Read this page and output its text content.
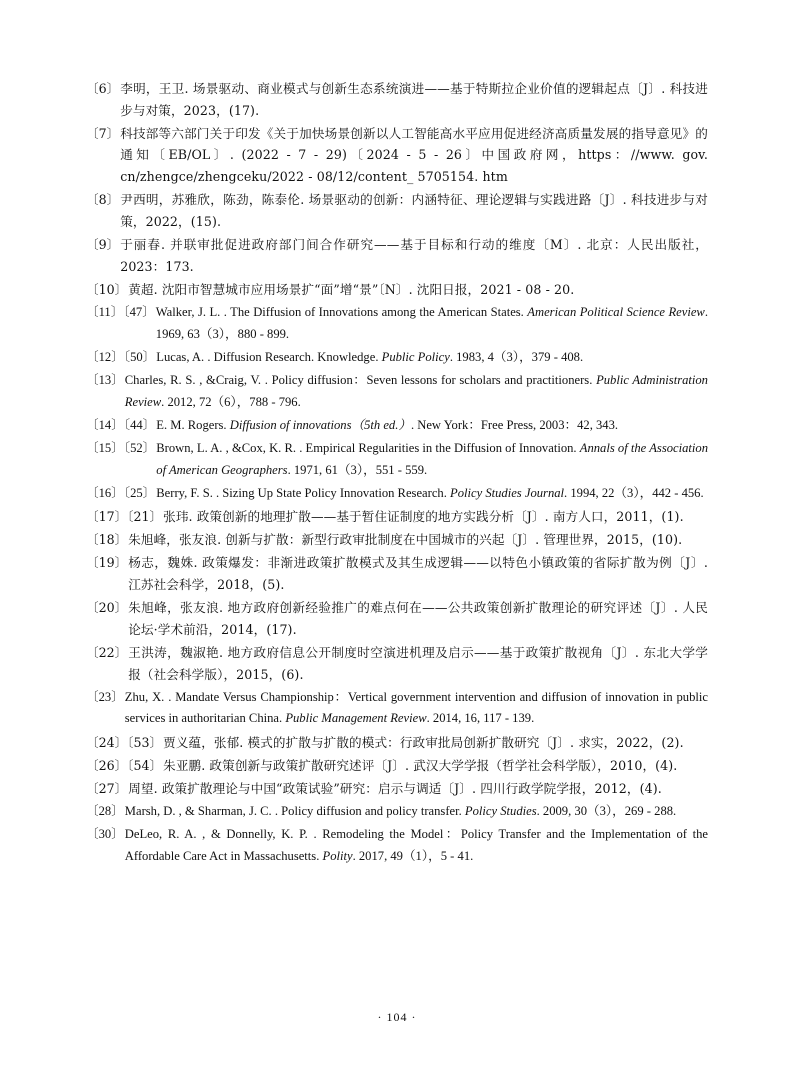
〔6〕 李明，王卫. 场景驱动、商业模式与创新生态系统演进——基于特斯拉企业价值的逻辑起点〔J〕. 科技进步与对策，2023，(17).
〔7〕 科技部等六部门关于印发《关于加快场景创新以人工智能高水平应用促进经济高质量发展的指导意见》的通知〔EB/OL〕. (2022 - 7 - 29)〔2024 - 5 - 26〕中国政府网，https：//www. gov. cn/zhengce/zhengceku/2022 - 08/12/content_ 5705154. htm
〔8〕 尹西明，苏雅欣，陈劲，陈泰伦. 场景驱动的创新：内涵特征、理论逻辑与实践进路〔J〕. 科技进步与对策，2022，(15).
〔9〕 于丽春. 并联审批促进政府部门间合作研究——基于目标和行动的维度〔M〕. 北京：人民出版社，2023：173.
〔10〕 黄超. 沈阳市智慧城市应用场景扩“面”增“景”〔N〕. 沈阳日报，2021 - 08 - 20.
〔11〕〔47〕 Walker, J. L. . The Diffusion of Innovations among the American States. American Political Science Review. 1969, 63（3），880 - 899.
〔12〕〔50〕 Lucas, A. . Diffusion Research. Knowledge. Public Policy. 1983, 4（3），379 - 408.
〔13〕 Charles, R. S. , &Craig, V. . Policy diffusion：Seven lessons for scholars and practitioners. Public Administration Review. 2012, 72（6），788 - 796.
〔14〕〔44〕 E. M. Rogers. Diffusion of innovations（5th ed.）. New York：Free Press, 2003：42, 343.
〔15〕〔52〕 Brown, L. A. , &Cox, K. R. . Empirical Regularities in the Diffusion of Innovation. Annals of the Association of American Geographers. 1971, 61（3），551 - 559.
〔16〕〔25〕 Berry, F. S. . Sizing Up State Policy Innovation Research. Policy Studies Journal. 1994, 22（3），442 - 456.
〔17〕〔21〕 张玮. 政策创新的地理扩散——基于暂住证制度的地方实践分析〔J〕. 南方人口，2011，(1).
〔18〕 朱旭峰，张友浪. 创新与扩散：新型行政审批制度在中国城市的兴起〔J〕. 管理世界，2015，(10).
〔19〕 杨志，魏姝. 政策爆发：非渐进政策扩散模式及其生成逻辑——以特色小镇政策的省际扩散为例〔J〕. 江苏社会科学，2018，(5).
〔20〕 朱旭峰，张友浪. 地方政府创新经验推广的难点何在——公共政策创新扩散理论的研究评述〔J〕. 人民论坛·学术前沿，2014，(17).
〔22〕 王洪涛，魏淑艳. 地方政府信息公开制度时空演进机理及启示——基于政策扩散视角〔J〕. 东北大学学报（社会科学版），2015，(6).
〔23〕 Zhu, X. . Mandate Versus Championship：Vertical government intervention and diffusion of innovation in public services in authoritarian China. Public Management Review. 2014, 16, 117 - 139.
〔24〕〔53〕 贾义蕴，张郁. 模式的扩散与扩散的模式：行政审批局创新扩散研究〔J〕. 求实，2022，(2).
〔26〕〔54〕 朱亚鹏. 政策创新与政策扩散研究述评〔J〕. 武汉大学学报（哲学社会科学版），2010，(4).
〔27〕 周望. 政策扩散理论与中国“政策试验”研究：启示与调适〔J〕. 四川行政学院学报，2012，(4).
〔28〕 Marsh, D. , & Sharman, J. C. . Policy diffusion and policy transfer. Policy Studies. 2009, 30（3），269 - 288.
〔30〕 DeLeo, R. A. , & Donnelly, K. P. . Remodeling the Model：Policy Transfer and the Implementation of the Affordable Care Act in Massachusetts. Polity. 2017, 49（1），5 - 41.
· 104 ·
